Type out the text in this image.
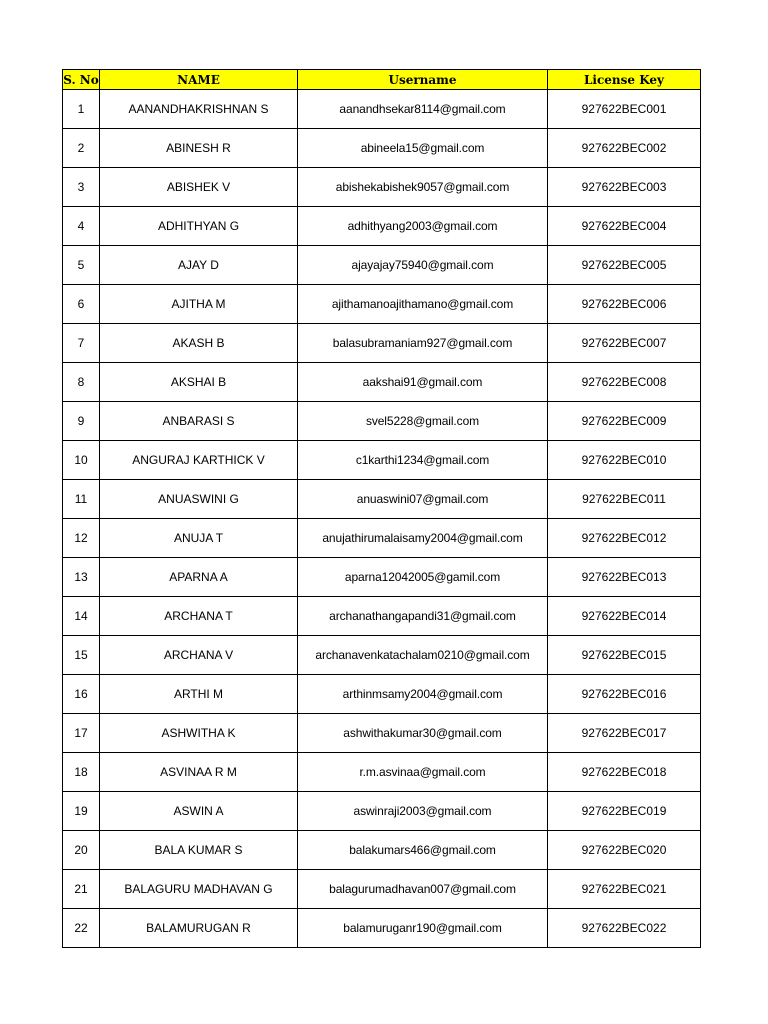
S. No	NAME	Username	License Key
1	AANANDHAKRISHNAN S	aanandhsekar8114@gmail.com	927622BEC001
2	ABINESH R	abineela15@gmail.com	927622BEC002
3	ABISHEK V	abishekabishek9057@gmail.com	927622BEC003
4	ADHITHYAN G	adhithyang2003@gmail.com	927622BEC004
5	AJAY D	ajayajay75940@gmail.com	927622BEC005
6	AJITHA M	ajithamanoajithamano@gmail.com	927622BEC006
7	AKASH B	balasubramaniam927@gmail.com	927622BEC007
8	AKSHAI B	aakshai91@gmail.com	927622BEC008
9	ANBARASI S	svel5228@gmail.com	927622BEC009
10	ANGURAJ KARTHICK V	c1karthi1234@gmail.com	927622BEC010
11	ANUASWINI G	anuaswini07@gmail.com	927622BEC011
12	ANUJA T	anujathirumalaisamy2004@gmail.com	927622BEC012
13	APARNA A	aparna12042005@gamil.com	927622BEC013
14	ARCHANA T	archanathangapandi31@gmail.com	927622BEC014
15	ARCHANA V	archanavenkatachalam0210@gmail.com	927622BEC015
16	ARTHI M	arthinmsamy2004@gmail.com	927622BEC016
17	ASHWITHA K	ashwithakumar30@gmail.com	927622BEC017
18	ASVINAA R M	r.m.asvinaa@gmail.com	927622BEC018
19	ASWIN A	aswinraji2003@gmail.com	927622BEC019
20	BALA KUMAR S	balakumars466@gmail.com	927622BEC020
21	BALAGURU MADHAVAN G	balagurumadhavan007@gmail.com	927622BEC021
22	BALAMURUGAN R	balamuruganr190@gmail.com	927622BEC022
